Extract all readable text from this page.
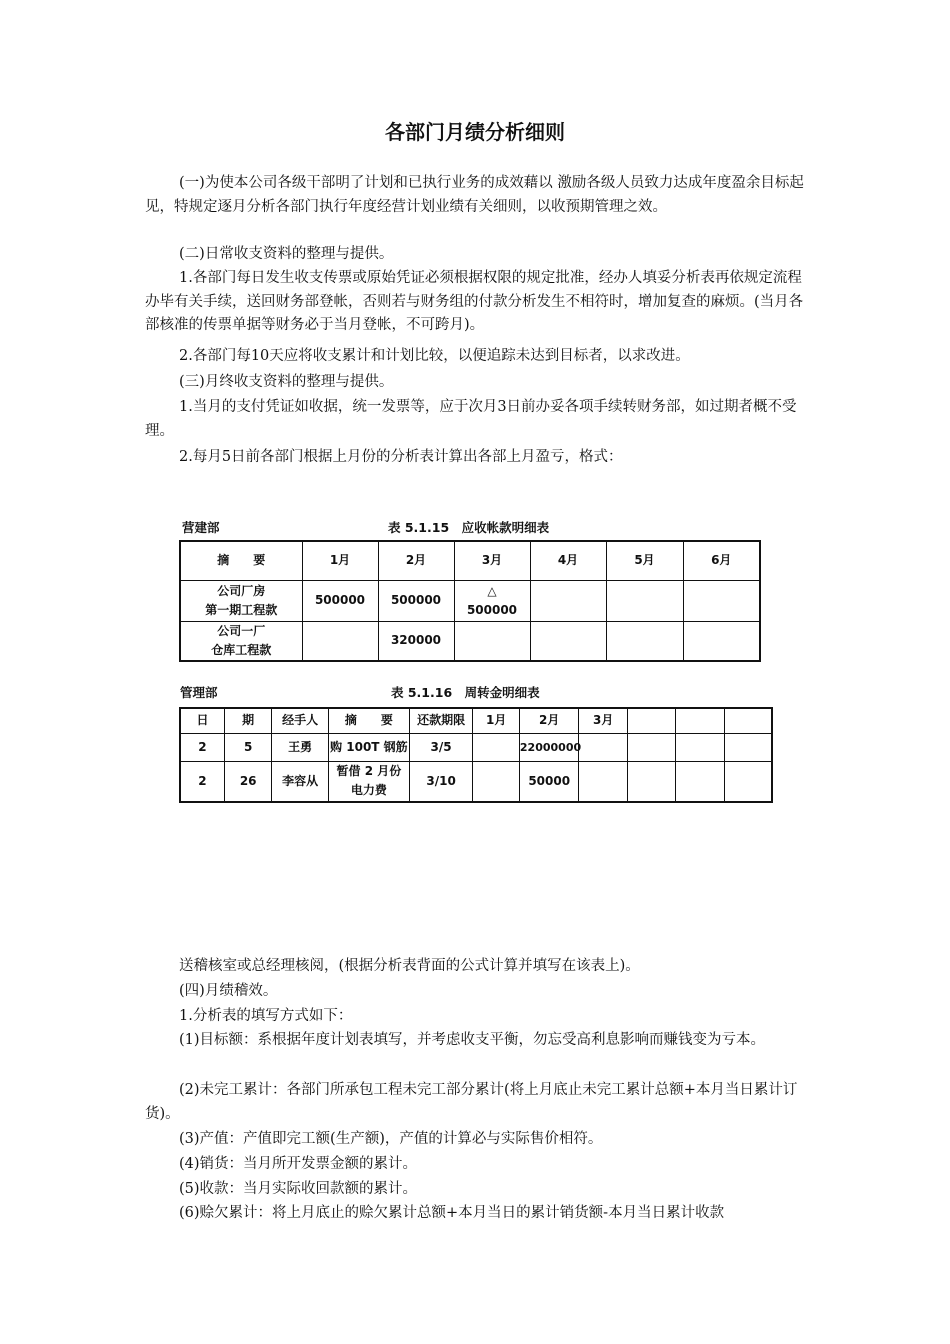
各部门月绩分析细则

(一)为使本公司各级干部明了计划和已执行业务的成效藉以 激励各级人员致力达成年度盈余目标起见，特规定逐月分析各部门执行年度经营计划业绩有关细则，以收预期管理之效。

(二)日常收支资料的整理与提供。

1.各部门每日发生收支传票或原始凭证必须根据权限的规定批准，经办人填妥分析表再依规定流程办毕有关手续，送回财务部登帐，否则若与财务组的付款分析发生不相符时，增加复查的麻烦。(当月各部核准的传票单据等财务必于当月登帐，不可跨月)。

2.各部门每10天应将收支累计和计划比较，以便追踪未达到目标者，以求改进。

(三)月终收支资料的整理与提供。

1.当月的支付凭证如收据，统一发票等，应于次月3日前办妥各项手续转财务部，如过期者概不受理。

2.每月5日前各部门根据上月份的分析表计算出各部上月盈亏，格式：

营建部	表 5.1.15　应收帐款明细表
摘　　要	1月	2月	3月	4月	5月	6月

公司厂房
第一期工程款	500000	500000	△
500000			

公司一厂
仓库工程款		320000				
管理部	表 5.1.16　周转金明细表
日	期	经手人	摘　　要	还款期限	1月	2月	3月			
2	5	王勇	购 100T 钢筋	3/5		22000000				
2	26	李容从	暂借 2 月份
电力费	3/10		50000				

送稽核室或总经理核阅，(根据分析表背面的公式计算并填写在该表上)。

(四)月绩稽效。

1.分析表的填写方式如下：

(1)目标额：系根据年度计划表填写，并考虑收支平衡，勿忘受高利息影响而赚钱变为亏本。

(2)未完工累计：各部门所承包工程未完工部分累计(将上月底止未完工累计总额+本月当日累计订货)。

(3)产值：产值即完工额(生产额)，产值的计算必与实际售价相符。

(4)销货：当月所开发票金额的累计。

(5)收款：当月实际收回款额的累计。

(6)赊欠累计：将上月底止的赊欠累计总额+本月当日的累计销货额-本月当日累计收款
